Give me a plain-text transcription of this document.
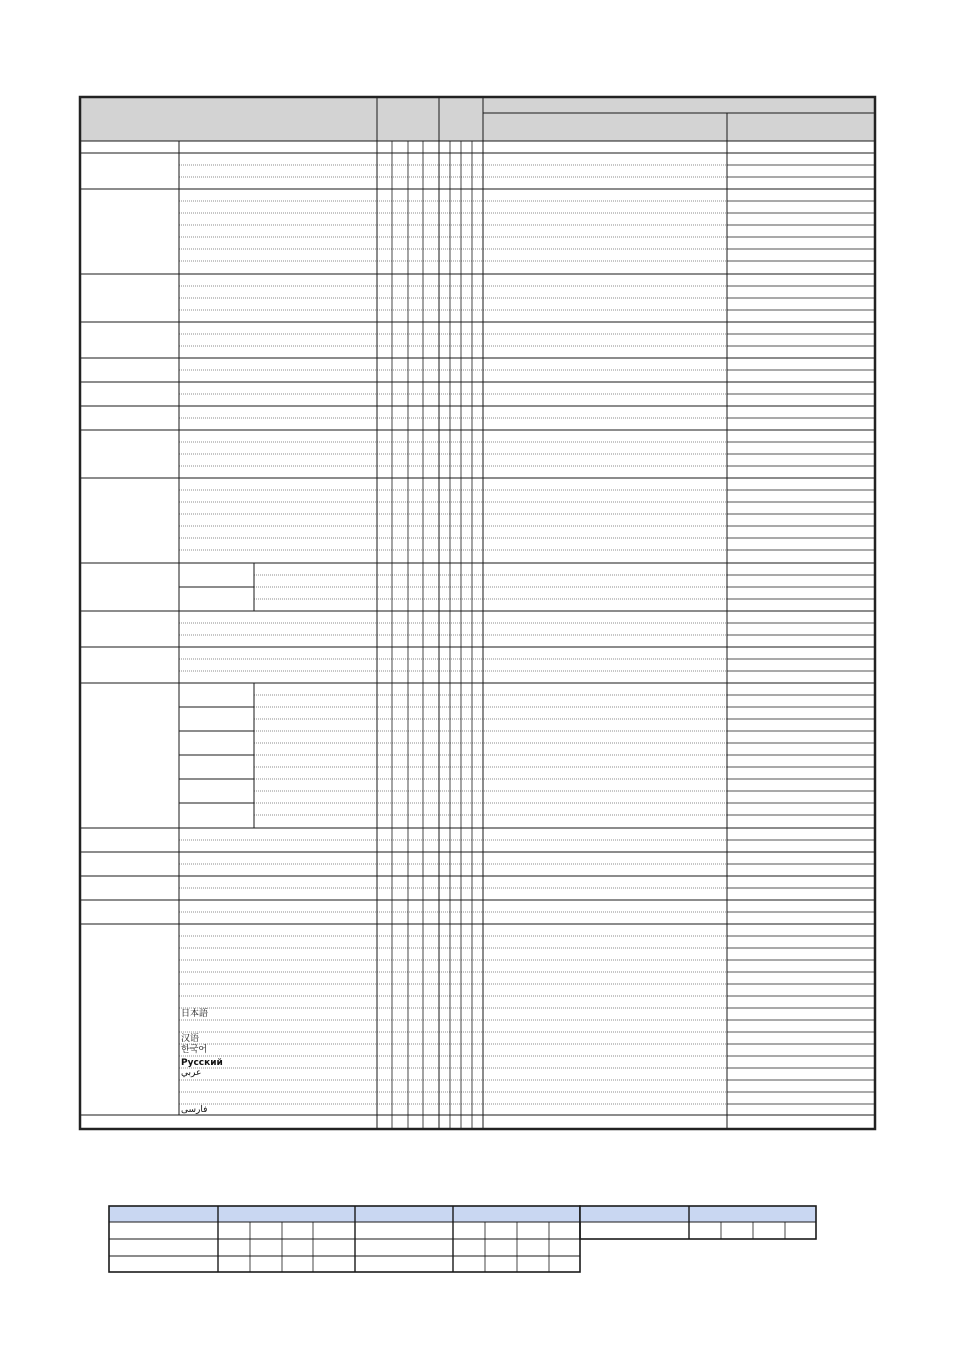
日本語
汉语
한국어
Русский
عربي
فارسی
